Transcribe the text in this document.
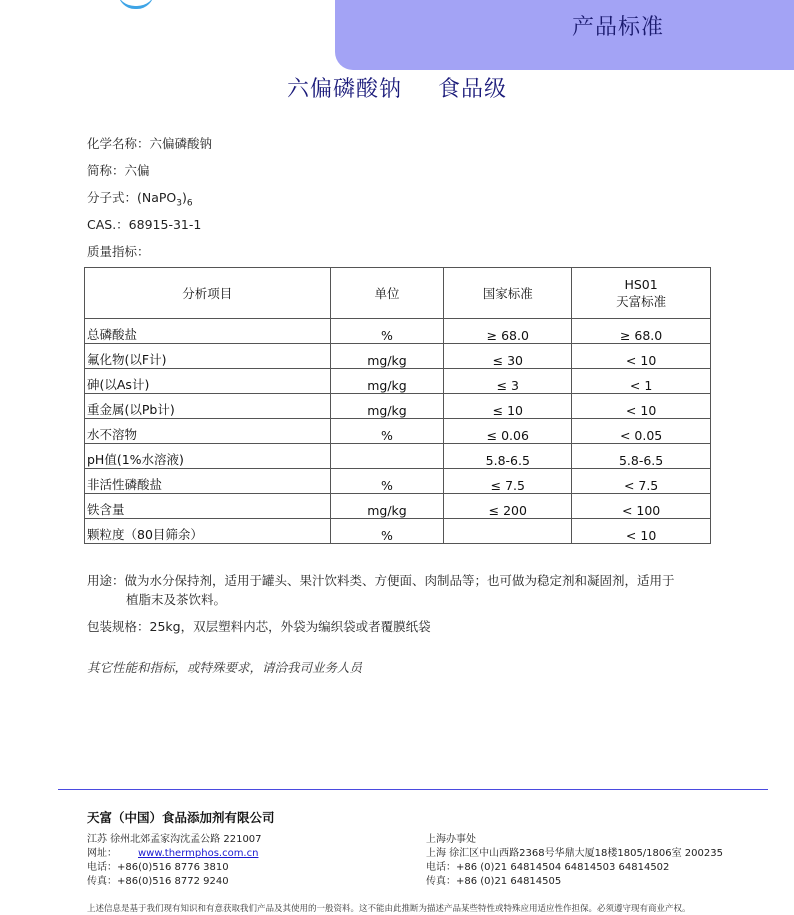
产品标准
六偏磷酸钠 食品级
化学名称：六偏磷酸钠
简称：六偏
分子式：$(NaPO_3)_6$
CAS.：68915-31-1
质量指标：
分析项目	单位	国家标准	HS01
天富标准
总磷酸盐	%	≥ 68.0	≥ 68.0
氟化物(以F计)	mg/kg	≤ 30	< 10
砷(以As计)	mg/kg	≤ 3	< 1
重金属(以Pb计)	mg/kg	≤ 10	< 10
水不溶物	%	≤ 0.06	< 0.05
pH值(1%水溶液)		5.8-6.5	5.8-6.5
非活性磷酸盐	%	≤ 7.5	< 7.5
铁含量	mg/kg	≤ 200	< 100
颗粒度（80目筛余）	%		< 10
用途：做为水分保持剂，适用于罐头、果汁饮料类、方便面、肉制品等；也可做为稳定剂和凝固剂，适用于
植脂末及茶饮料。
包装规格：25kg，双层塑料内芯，外袋为编织袋或者覆膜纸袋
其它性能和指标，或特殊要求，请洽我司业务人员
天富（中国）食品添加剂有限公司
江苏 徐州北郊孟家沟沈孟公路 221007
网址： www.thermphos.com.cn
电话：+86(0)516 8776 3810
传真：+86(0)516 8772 9240
上海办事处
上海 徐汇区中山西路2368号华鼎大厦18楼1805/1806室 200235
电话：+86 (0)21 64814504 64814503 64814502
传真：+86 (0)21 64814505
上述信息是基于我们现有知识和有意获取我们产品及其使用的一般资料。这不能由此推断为描述产品某些特性或特殊应用适应性作担保。必须遵守现有商业产权。
